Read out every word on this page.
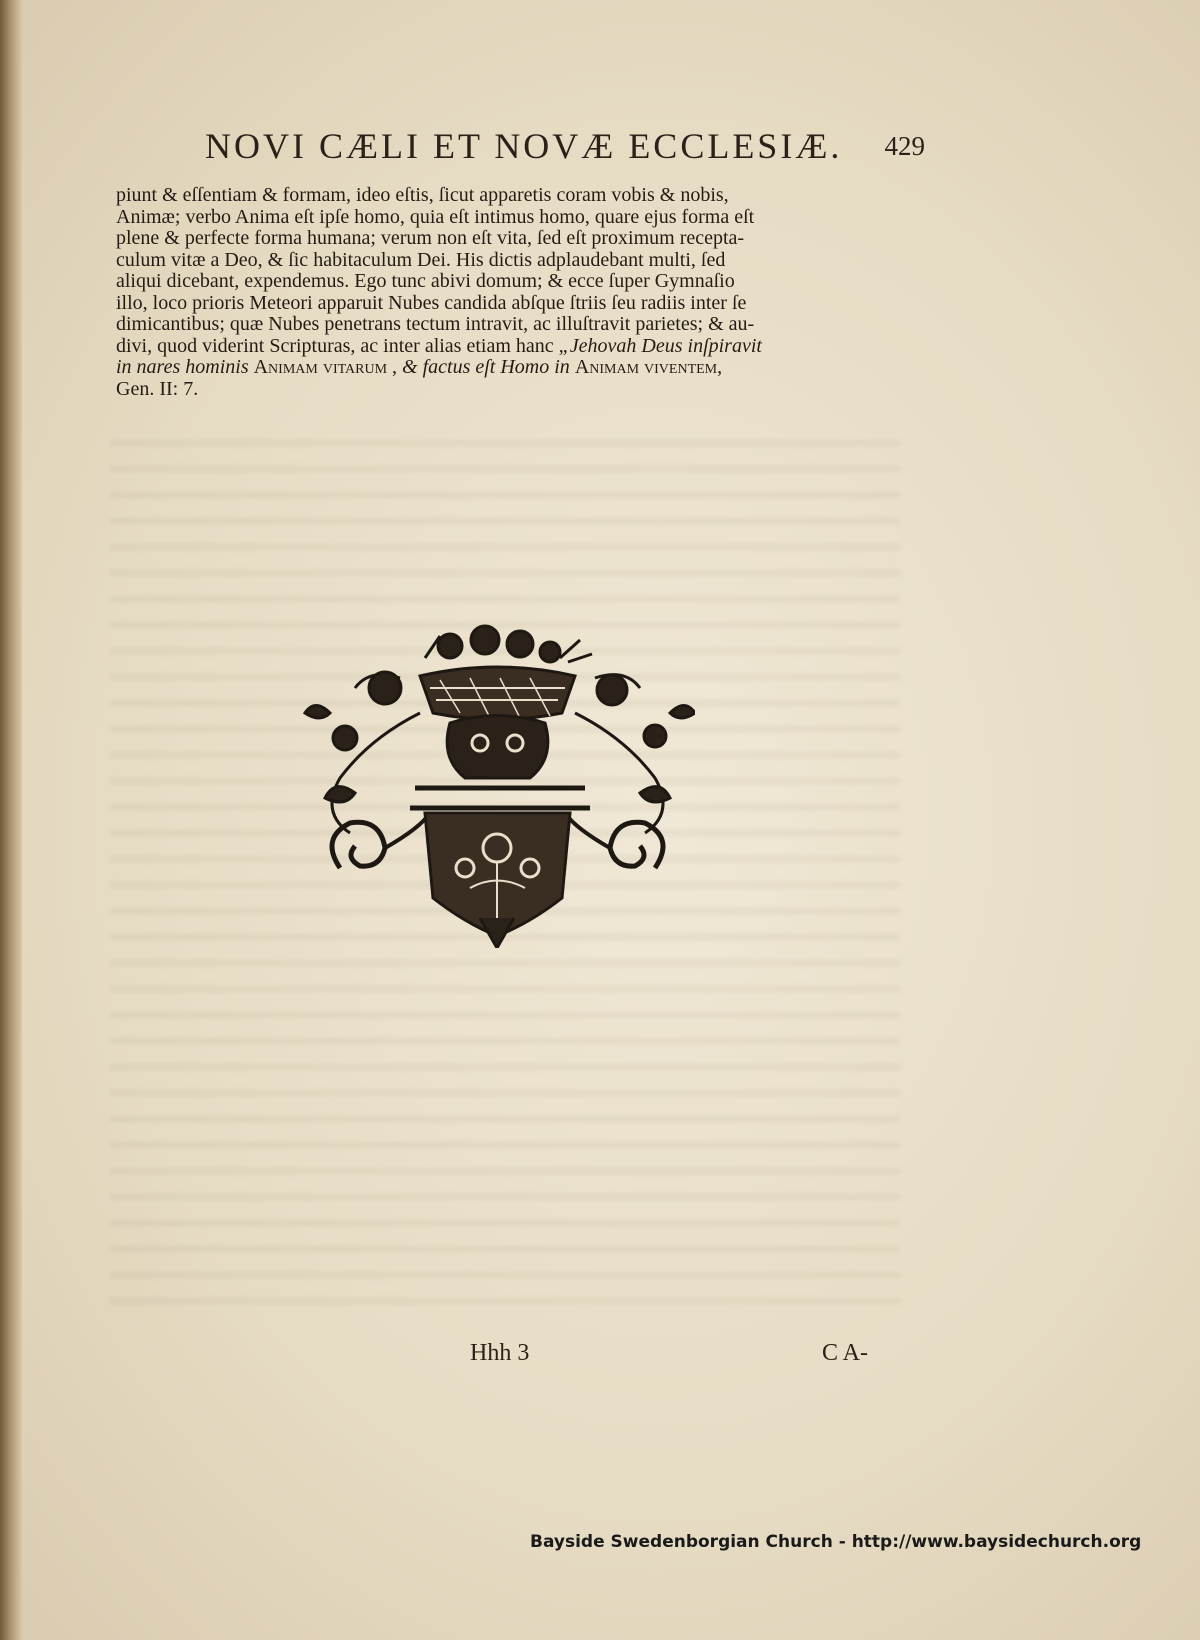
NOVI CÆLI ET NOVÆ ECCLESIÆ. 429
piunt & eſſentiam & formam, ideo eſtis, ſicut apparetis coram vobis & nobis,
Animæ; verbo Anima eſt ipſe homo, quia eſt intimus homo, quare ejus forma eſt
plene & perfecte forma humana; verum non eſt vita, ſed eſt proximum recepta-
culum vitæ a Deo, & ſic habitaculum Dei. His dictis adplaudebant multi, ſed
aliqui dicebant, expendemus. Ego tunc abivi domum; & ecce ſuper Gymnaſio
illo, loco prioris Meteori apparuit Nubes candida abſque ſtriis ſeu radiis inter ſe
dimicantibus; quæ Nubes penetrans tectum intravit, ac illuſtravit parietes; & au-
divi, quod viderint Scripturas, ac inter alias etiam hanc „Jehovah Deus inſpiravit
in nares hominis Animam vitarum , & factus eſt Homo in Animam viventem,
Gen. II: 7.
Hhh 3	C A-
Bayside Swedenborgian Church - http://www.baysidechurch.org
